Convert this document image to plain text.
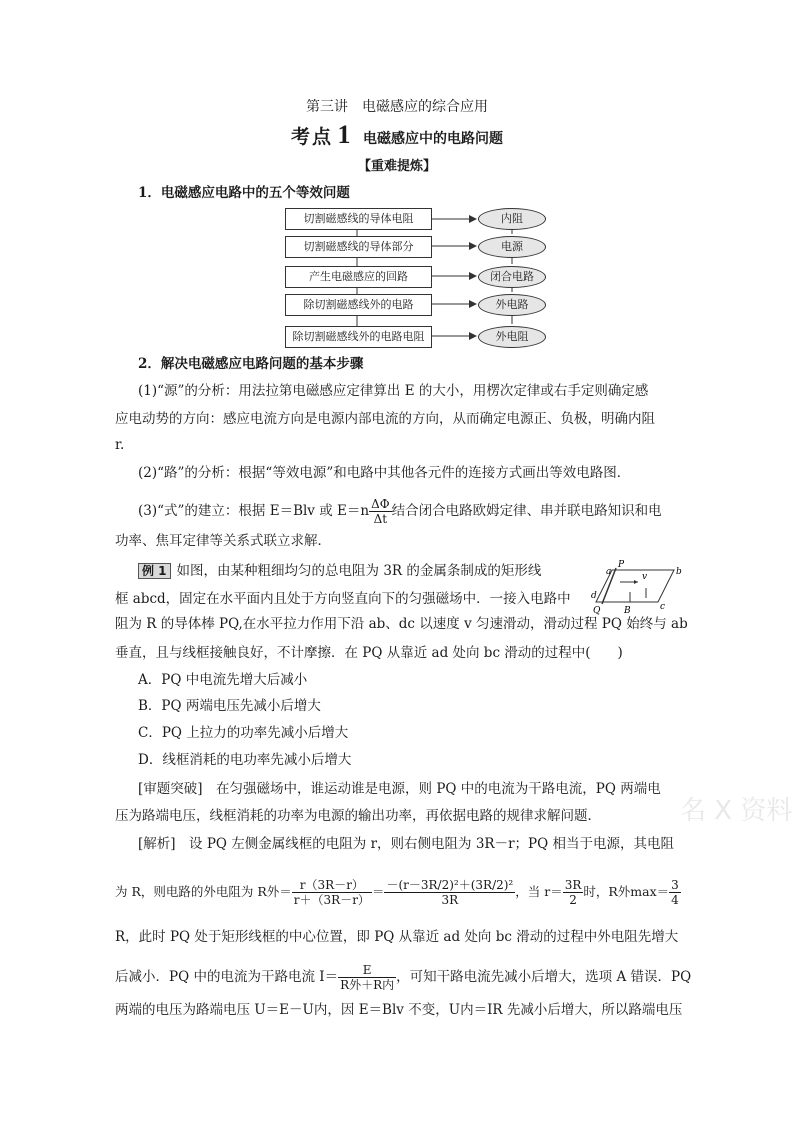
第三讲　电磁感应的综合应用
考点 1 电磁感应中的电路问题
【重难提炼】
1．电磁感应电路中的五个等效问题
切割磁感线的导体电阻
切割磁感线的导体部分
产生电磁感应的回路
除切割磁感线外的电路
除切割磁感线外的电路电阻
内阻
电源
闭合电路
外电路
外电阻
2．解决电磁感应电路问题的基本步骤
(1)“源”的分析：用法拉第电磁感应定律算出 E 的大小，用楞次定律或右手定则确定感
应电动势的方向：感应电流方向是电源内部电流的方向，从而确定电源正、负极，明确内阻
r.
(2)“路”的分析：根据“等效电源”和电路中其他各元件的连接方式画出等效电路图．
(3)“式”的建立：根据 E＝Blv 或 $E=n \frac{\Delta\Phi}{\Delta t}$ 结合闭合电路欧姆定律、串并联电路知识和电
功率、焦耳定律等关系式联立求解．
例 1 如图，由某种粗细均匀的总电阻为 3R 的金属条制成的矩形线
框 abcd，固定在水平面内且处于方向竖直向下的匀强磁场中．一接入电路中
阻为 R 的导体棒 PQ,在水平拉力作用下沿 ab、dc 以速度 v 匀速滑动，滑动过程 PQ 始终与 ab
垂直，且与线框接触良好，不计摩擦．在 PQ 从靠近 ad 处向 bc 滑动的过程中(　　)
a
P
b
d
Q	B
v
c
A．PQ 中电流先增大后减小
B．PQ 两端电压先减小后增大
C．PQ 上拉力的功率先减小后增大
D．线框消耗的电功率先减小后增大
[审题突破]　 在匀强磁场中，谁运动谁是电源，则 PQ 中的电流为干路电流，PQ 两端电
压为路端电压，线框消耗的功率为电源的输出功率，再依据电路的规律求解问题．
[解析]　 设 PQ 左侧金属线框的电阻为 r，则右侧电阻为 3R－r；PQ 相当于电源，其电阻
为 R，则电路的外电阻为 R外＝ $\frac{r(3R-r)}{r+(3R-r)} = \frac{\text{－(r－3R/2)²＋(3R/2)²}}{3R}$ ，当 $r= \frac{3R}{2}$ 时，R外$\max= \frac{3}{4}$
R，此时 PQ 处于矩形线框的中心位置，即 PQ 从靠近 ad 处向 bc 滑动的过程中外电阻先增大
后减小．PQ 中的电流为干路电流 $I= \frac{E}{\text{R外＋R内}}$ ，可知干路电流先减小后增大，选项 A 错误．PQ
两端的电压为路端电压 U＝E－U内，因 E＝Blv 不变，U内＝IR 先减小后增大，所以路端电压
名 X 资料
